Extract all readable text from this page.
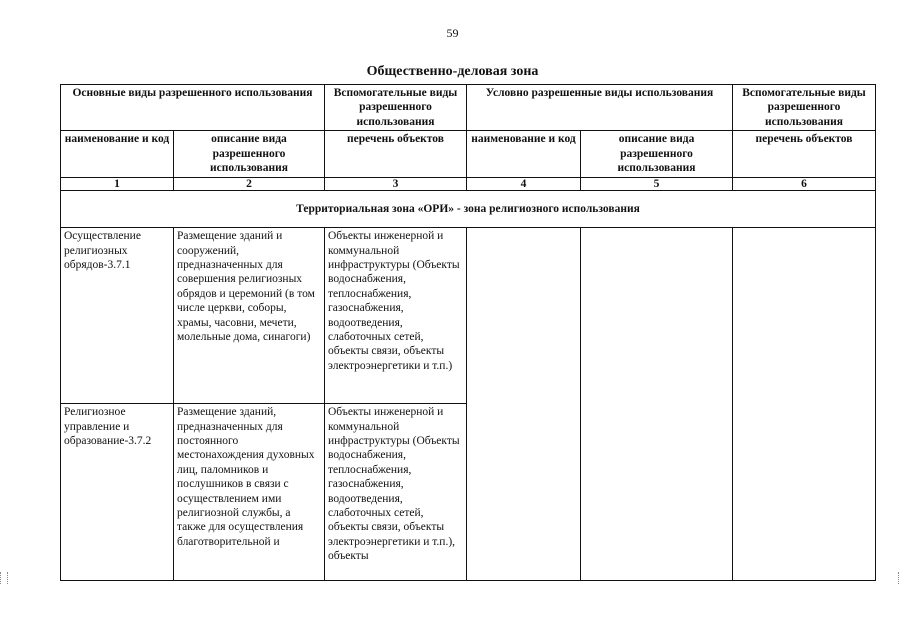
59
Общественно-деловая зона
Основные виды разрешенного использования		Вспомогательные виды разрешенного использования	Условно разрешенные виды использования		Вспомогательные виды разрешенного использования
наименование и код	описание вида разрешенного использования	перечень объектов	наименование и код	описание вида разрешенного использования	перечень объектов
1	2	3	4	5	6
Территориальная зона «ОРИ» - зона религиозного использования					
Осуществление религиозных обрядов-3.7.1	Размещение зданий и сооружений, предназначенных для совершения религиозных обрядов и церемоний (в том числе церкви, соборы, храмы, часовни, мечети, молельные дома, синагоги)	Объекты инженерной и коммунальной инфраструктуры (Объекты водоснабжения, теплоснабжения, газоснабжения, водоотведения, слаботочных сетей, объекты связи, объекты электроэнергетики и т.п.)			
Религиозное управление и образование-3.7.2	Размещение зданий, предназначенных для постоянного местонахождения духовных лиц, паломников и послушников в связи с осуществлением ими религиозной службы, а также для осуществления благотворительной и	Объекты инженерной и коммунальной инфраструктуры (Объекты водоснабжения, теплоснабжения, газоснабжения, водоотведения, слаботочных сетей, объекты связи, объекты электроэнергетики и т.п.), объекты			
